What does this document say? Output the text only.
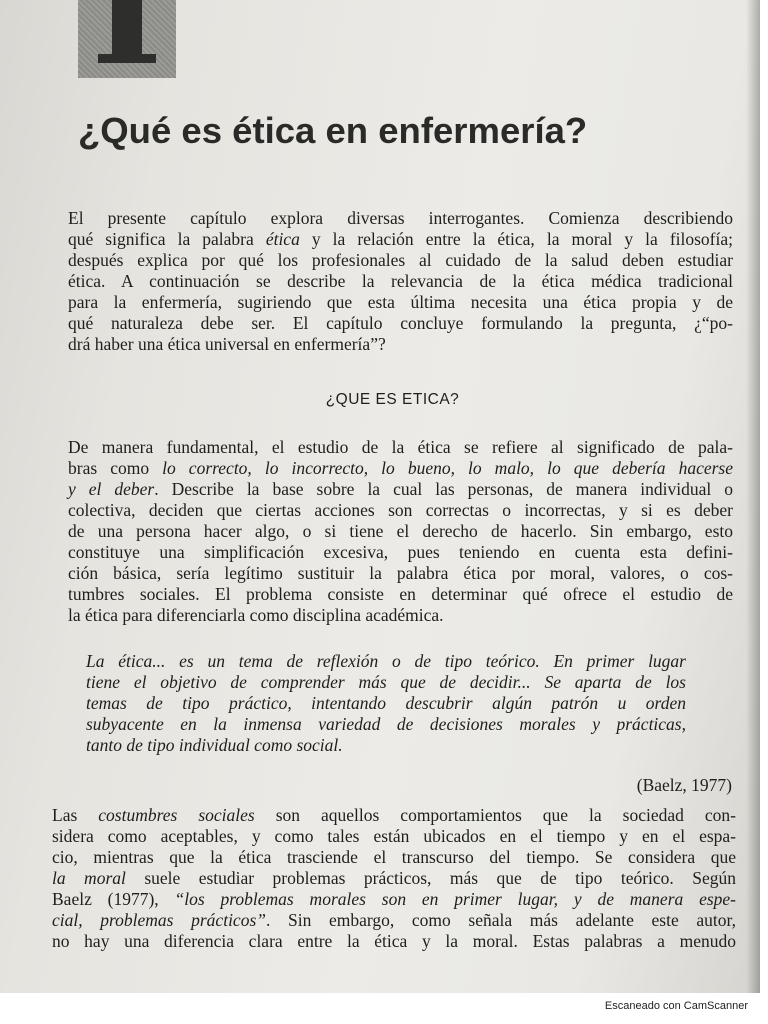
¿Qué es ética en enfermería?
El presente capítulo explora diversas interrogantes. Comienza describiendo
qué significa la palabra ética y la relación entre la ética, la moral y la filosofía;
después explica por qué los profesionales al cuidado de la salud deben estudiar
ética. A continuación se describe la relevancia de la ética médica tradicional
para la enfermería, sugiriendo que esta última necesita una ética propia y de
qué naturaleza debe ser. El capítulo concluye formulando la pregunta, ¿“po-
drá haber una ética universal en enfermería”?
¿QUE ES ETICA?
De manera fundamental, el estudio de la ética se refiere al significado de pala-
bras como lo correcto, lo incorrecto, lo bueno, lo malo, lo que debería hacerse
y el deber. Describe la base sobre la cual las personas, de manera individual o
colectiva, deciden que ciertas acciones son correctas o incorrectas, y si es deber
de una persona hacer algo, o si tiene el derecho de hacerlo. Sin embargo, esto
constituye una simplificación excesiva, pues teniendo en cuenta esta defini-
ción básica, sería legítimo sustituir la palabra ética por moral, valores, o cos-
tumbres sociales. El problema consiste en determinar qué ofrece el estudio de
la ética para diferenciarla como disciplina académica.
La ética... es un tema de reflexión o de tipo teórico. En primer lugar
tiene el objetivo de comprender más que de decidir... Se aparta de los
temas de tipo práctico, intentando descubrir algún patrón u orden
subyacente en la inmensa variedad de decisiones morales y prácticas,
tanto de tipo individual como social.
(Baelz, 1977)
Las costumbres sociales son aquellos comportamientos que la sociedad con-
sidera como aceptables, y como tales están ubicados en el tiempo y en el espa-
cio, mientras que la ética trasciende el transcurso del tiempo. Se considera que
la moral suele estudiar problemas prácticos, más que de tipo teórico. Según
Baelz (1977), “los problemas morales son en primer lugar, y de manera espe-
cial, problemas prácticos”. Sin embargo, como señala más adelante este autor,
no hay una diferencia clara entre la ética y la moral. Estas palabras a menudo
Escaneado con CamScanner
